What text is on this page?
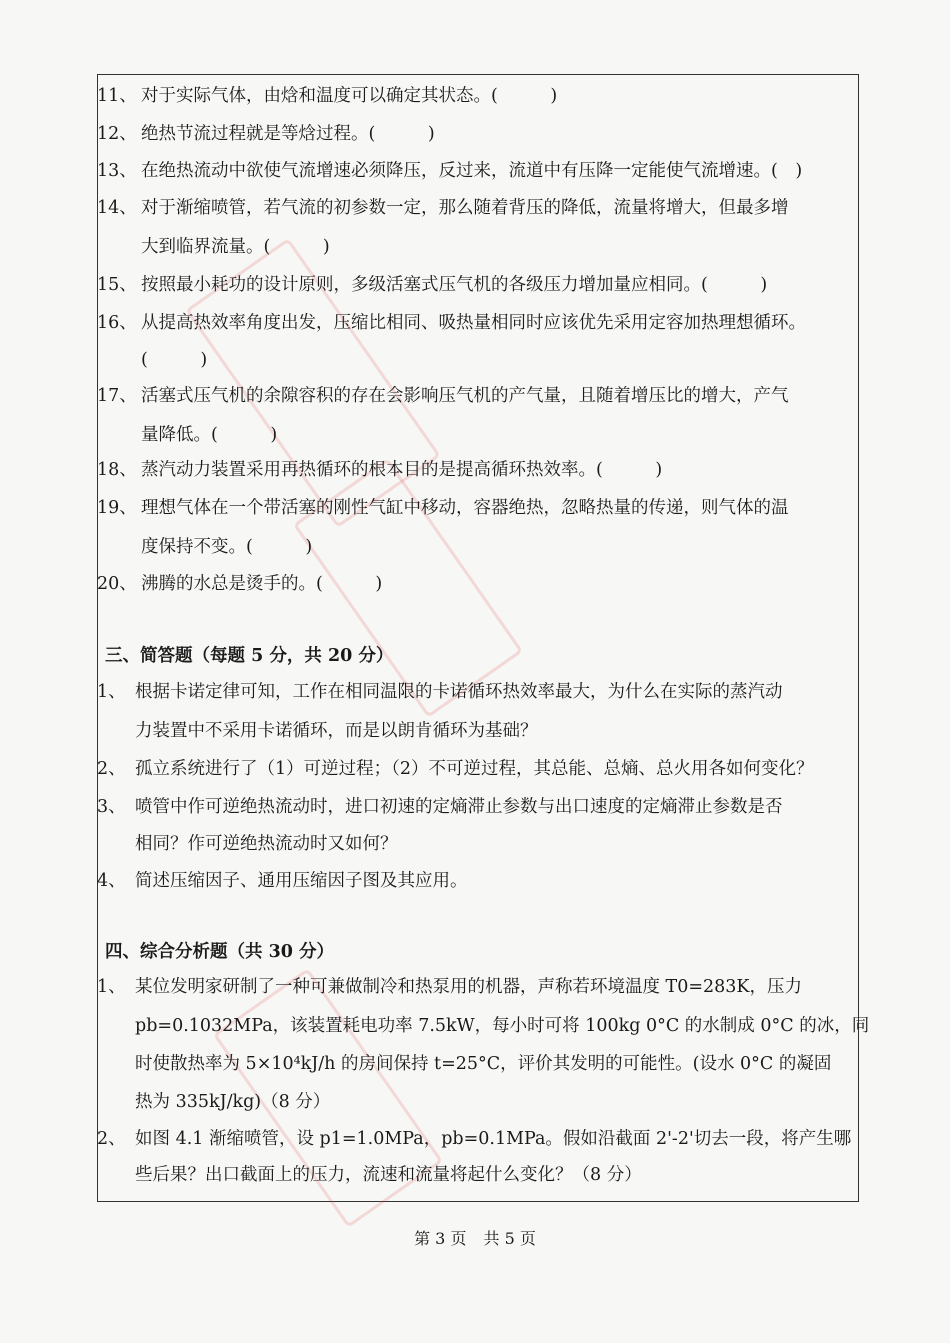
11、 对于实际气体，由焓和温度可以确定其状态。(　　　)
12、 绝热节流过程就是等焓过程。(　　　)
13、 在绝热流动中欲使气流增速必须降压，反过来，流道中有压降一定能使气流增速。(　)
14、 对于渐缩喷管，若气流的初参数一定，那么随着背压的降低，流量将增大，但最多增
大到临界流量。(　　　)
15、 按照最小耗功的设计原则，多级活塞式压气机的各级压力增加量应相同。(　　　)
16、 从提高热效率角度出发，压缩比相同、吸热量相同时应该优先采用定容加热理想循环。
(　　　)
17、 活塞式压气机的余隙容积的存在会影响压气机的产气量，且随着增压比的增大，产气
量降低。(　　　)
18、 蒸汽动力装置采用再热循环的根本目的是提高循环热效率。(　　　)
19、 理想气体在一个带活塞的刚性气缸中移动，容器绝热，忽略热量的传递，则气体的温
度保持不变。(　　　)
20、 沸腾的水总是烫手的。(　　　)
三、简答题（每题 5 分，共 20 分）
1、 根据卡诺定律可知，工作在相同温限的卡诺循环热效率最大，为什么在实际的蒸汽动
力装置中不采用卡诺循环，而是以朗肯循环为基础？
2、 孤立系统进行了（1）可逆过程；（2）不可逆过程，其总能、总熵、总火用各如何变化？
3、 喷管中作可逆绝热流动时，进口初速的定熵滞止参数与出口速度的定熵滞止参数是否
相同？作可逆绝热流动时又如何？
4、 简述压缩因子、通用压缩因子图及其应用。
四、综合分析题（共 30 分）
1、 某位发明家研制了一种可兼做制冷和热泵用的机器，声称若环境温度 T0=283K，压力
pb=0.1032MPa，该装置耗电功率 7.5kW，每小时可将 100kg 0°C 的水制成 0°C 的冰，同
时使散热率为 5×10⁴kJ/h 的房间保持 t=25°C，评价其发明的可能性。(设水 0°C 的凝固
热为 335kJ/kg)（8 分）
2、 如图 4.1 渐缩喷管，设 p1=1.0MPa，pb=0.1MPa。假如沿截面 2'-2'切去一段，将产生哪
些后果？出口截面上的压力，流速和流量将起什么变化？（8 分）
第 3 页 共 5 页
